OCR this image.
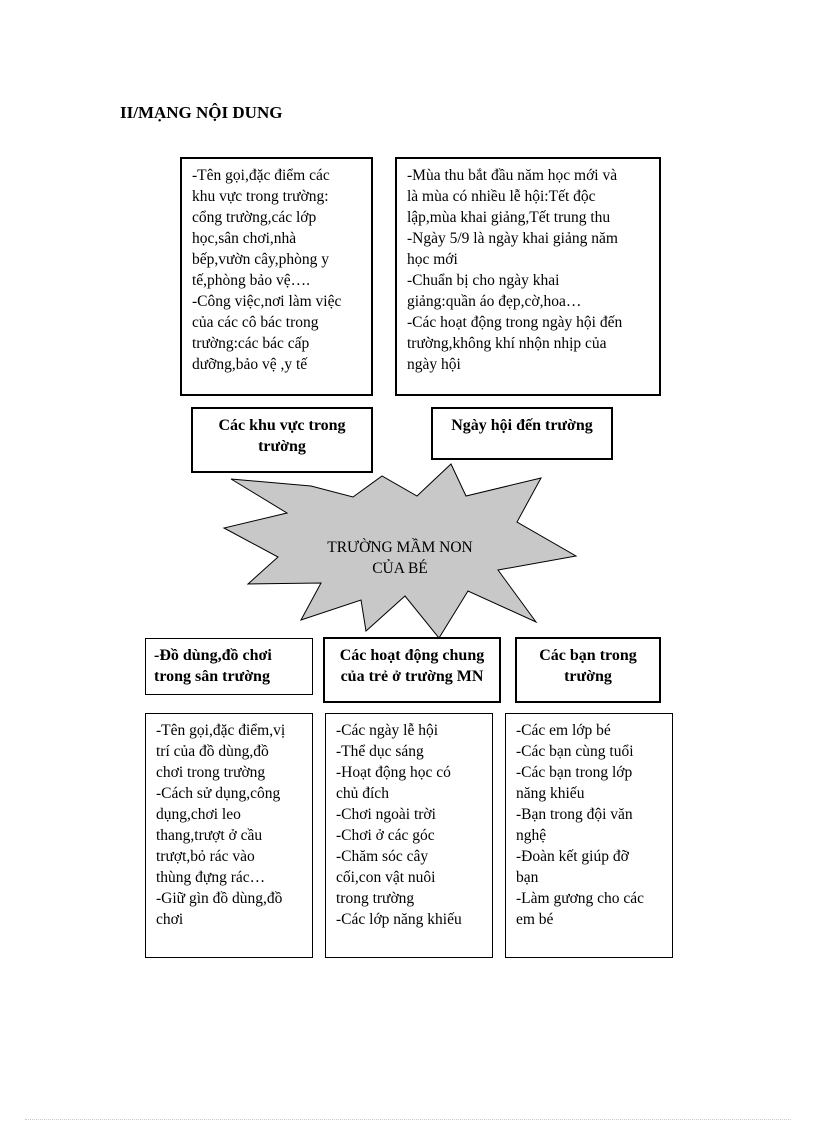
II/MẠNG NỘI DUNG
-Tên gọi,đặc điểm các
khu vực trong trường:
cổng trường,các lớp
học,sân chơi,nhà
bếp,vườn cây,phòng y
tế,phòng bảo vệ….
-Công việc,nơi làm việc
của các cô bác trong
trường:các bác cấp
dưỡng,bảo vệ ,y tế
-Mùa thu bắt đầu năm học mới và
là mùa có nhiều lễ hội:Tết độc
lập,mùa khai giảng,Tết trung thu
-Ngày 5/9 là ngày khai giảng năm
học mới
-Chuẩn bị cho ngày khai
giảng:quần áo đẹp,cờ,hoa…
-Các hoạt động trong ngày hội đến
trường,không khí nhộn nhịp của
ngày hội
Các khu vực trong
trường
Ngày hội đến trường
TRƯỜNG MẦM NON
CỦA BÉ
-Đồ dùng,đồ chơi
trong sân trường
Các hoạt động chung
của trẻ ở trường MN
Các bạn trong
trường
-Tên gọi,đặc điểm,vị
trí của đồ dùng,đồ
chơi trong trường
-Cách sử dụng,công
dụng,chơi leo
thang,trượt ở cầu
trượt,bỏ rác vào
thùng đựng rác…
-Giữ gìn đồ dùng,đồ
chơi
-Các ngày lễ hội
-Thể dục sáng
-Hoạt động học có
chủ đích
-Chơi ngoài trời
-Chơi ở các góc
-Chăm sóc cây
cối,con vật nuôi
trong trường
-Các lớp năng khiếu
-Các em lớp bé
-Các bạn cùng tuổi
-Các bạn trong lớp
năng khiếu
-Bạn trong đội văn
nghệ
-Đoàn kết giúp đỡ
bạn
-Làm gương cho các
em bé
